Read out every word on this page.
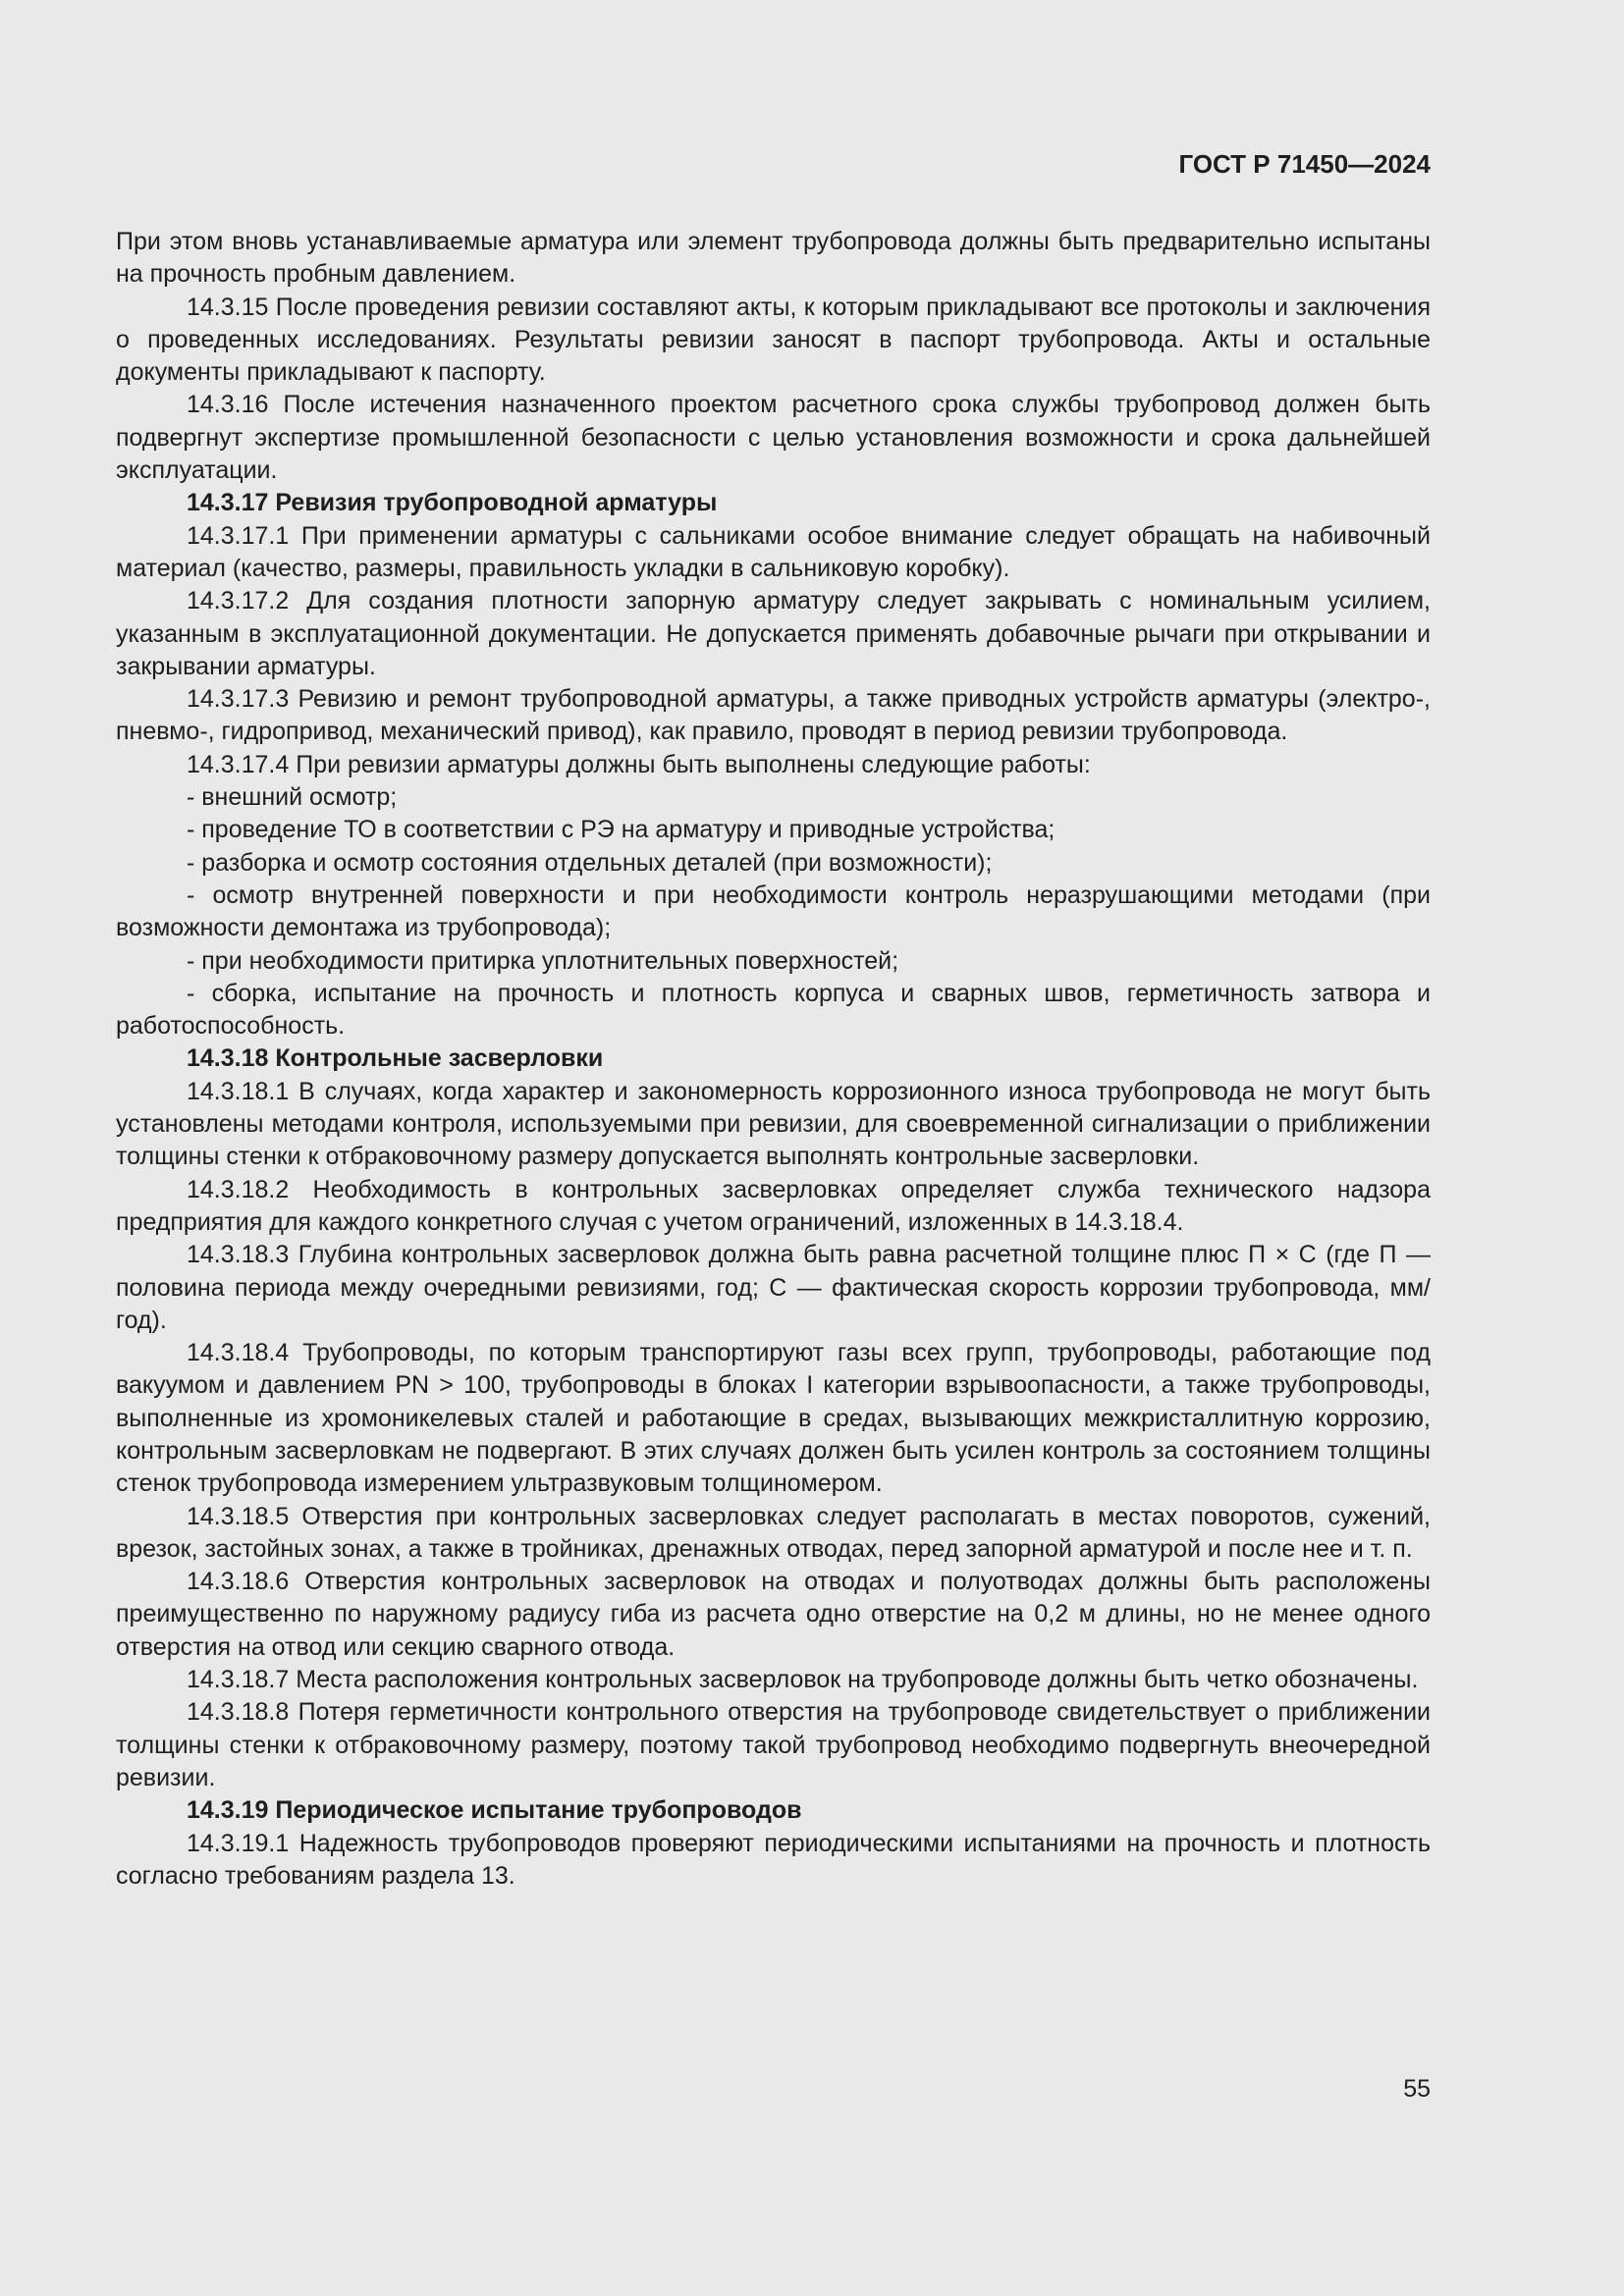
ГОСТ Р 71450—2024

При этом вновь устанавливаемые арматура или элемент трубопровода должны быть предварительно испытаны на прочность пробным давлением.

14.3.15 После проведения ревизии составляют акты, к которым прикладывают все протоколы и заключения о проведенных исследованиях. Результаты ревизии заносят в паспорт трубопровода. Акты и остальные документы прикладывают к паспорту.

14.3.16 После истечения назначенного проектом расчетного срока службы трубопровод должен быть подвергнут экспертизе промышленной безопасности с целью установления возможности и срока дальнейшей эксплуатации.

14.3.17 Ревизия трубопроводной арматуры

14.3.17.1 При применении арматуры с сальниками особое внимание следует обращать на набивочный материал (качество, размеры, правильность укладки в сальниковую коробку).

14.3.17.2 Для создания плотности запорную арматуру следует закрывать с номинальным усилием, указанным в эксплуатационной документации. Не допускается применять добавочные рычаги при открывании и закрывании арматуры.

14.3.17.3 Ревизию и ремонт трубопроводной арматуры, а также приводных устройств арматуры (электро-, пневмо-, гидропривод, механический привод), как правило, проводят в период ревизии трубопровода.

14.3.17.4 При ревизии арматуры должны быть выполнены следующие работы:

- внешний осмотр;

- проведение ТО в соответствии с РЭ на арматуру и приводные устройства;

- разборка и осмотр состояния отдельных деталей (при возможности);

- осмотр внутренней поверхности и при необходимости контроль неразрушающими методами (при возможности демонтажа из трубопровода);

- при необходимости притирка уплотнительных поверхностей;

- сборка, испытание на прочность и плотность корпуса и сварных швов, герметичность затвора и работоспособность.

14.3.18 Контрольные засверловки

14.3.18.1 В случаях, когда характер и закономерность коррозионного износа трубопровода не могут быть установлены методами контроля, используемыми при ревизии, для своевременной сигнализации о приближении толщины стенки к отбраковочному размеру допускается выполнять контрольные засверловки.

14.3.18.2 Необходимость в контрольных засверловках определяет служба технического надзора предприятия для каждого конкретного случая с учетом ограничений, изложенных в 14.3.18.4.

14.3.18.3 Глубина контрольных засверловок должна быть равна расчетной толщине плюс П × С (где П — половина периода между очередными ревизиями, год; С — фактическая скорость коррозии трубопровода, мм/год).

14.3.18.4 Трубопроводы, по которым транспортируют газы всех групп, трубопроводы, работающие под вакуумом и давлением PN > 100, трубопроводы в блоках I категории взрывоопасности, а также трубопроводы, выполненные из хромоникелевых сталей и работающие в средах, вызывающих межкристаллитную коррозию, контрольным засверловкам не подвергают. В этих случаях должен быть усилен контроль за состоянием толщины стенок трубопровода измерением ультразвуковым толщиномером.

14.3.18.5 Отверстия при контрольных засверловках следует располагать в местах поворотов, сужений, врезок, застойных зонах, а также в тройниках, дренажных отводах, перед запорной арматурой и после нее и т. п.

14.3.18.6 Отверстия контрольных засверловок на отводах и полуотводах должны быть расположены преимущественно по наружному радиусу гиба из расчета одно отверстие на 0,2 м длины, но не менее одного отверстия на отвод или секцию сварного отвода.

14.3.18.7 Места расположения контрольных засверловок на трубопроводе должны быть четко обозначены.

14.3.18.8 Потеря герметичности контрольного отверстия на трубопроводе свидетельствует о приближении толщины стенки к отбраковочному размеру, поэтому такой трубопровод необходимо подвергнуть внеочередной ревизии.

14.3.19 Периодическое испытание трубопроводов

14.3.19.1 Надежность трубопроводов проверяют периодическими испытаниями на прочность и плотность согласно требованиям раздела 13.

55
